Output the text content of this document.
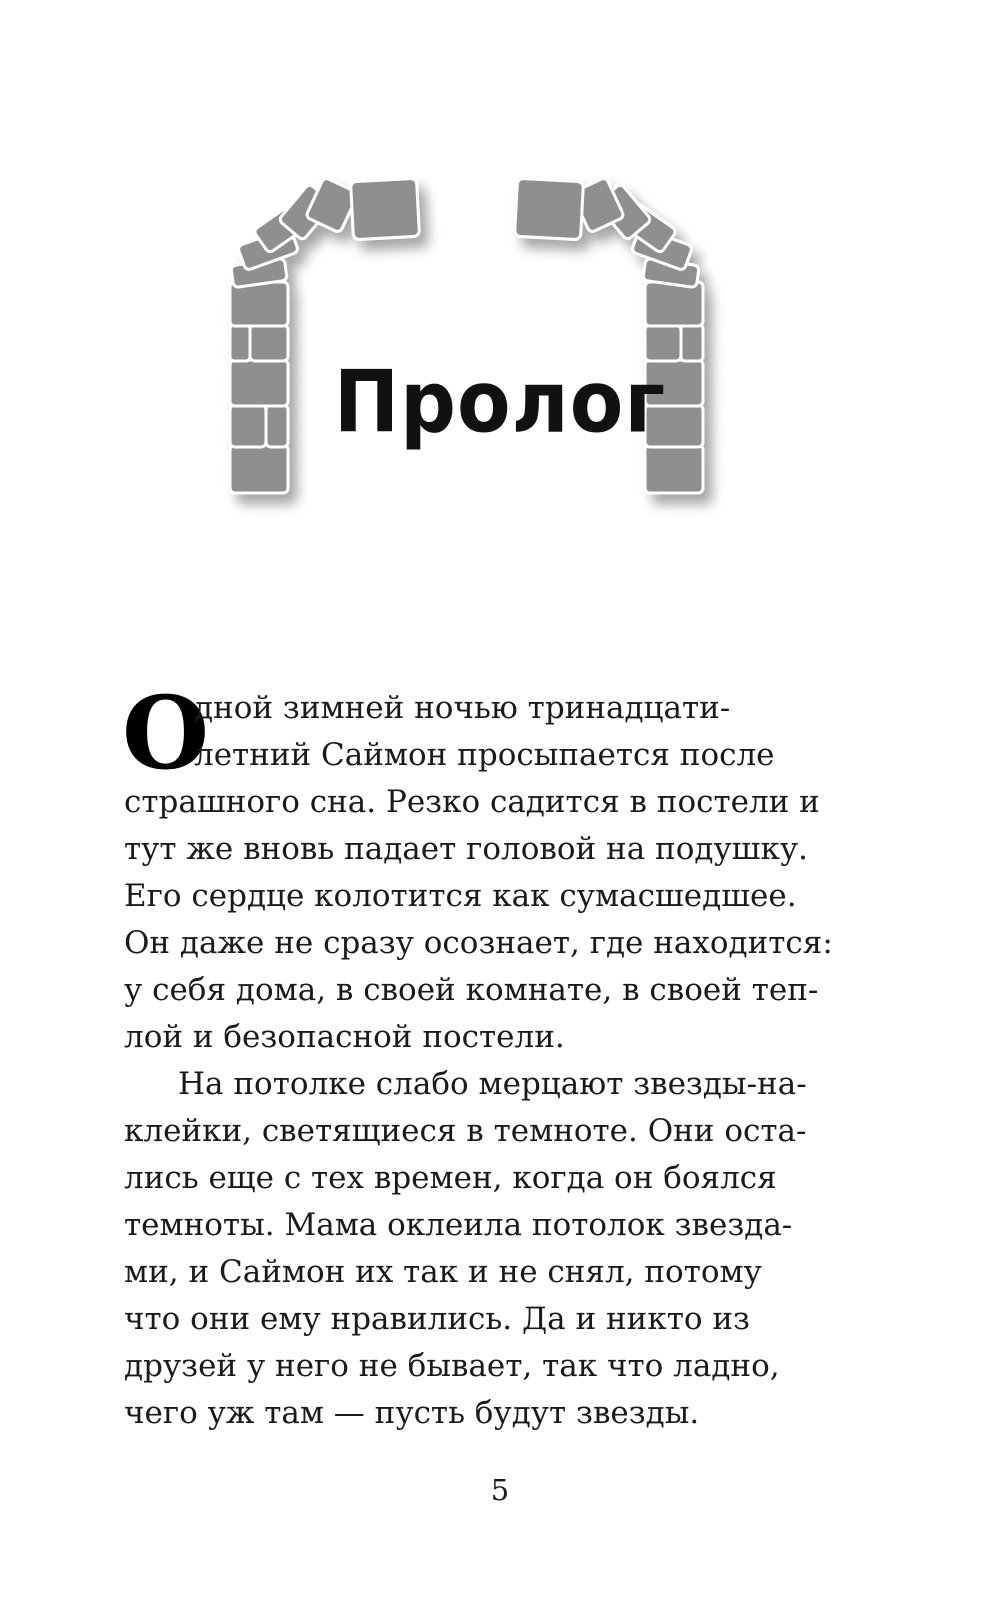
Пролог
О
дной зимней ночью тринадцати-
летний Саймон просыпается после
страшного сна. Резко садится в постели и
тут же вновь падает головой на подушку.
Его сердце колотится как сумасшедшее.
Он даже не сразу осознает, где находится:
у себя дома, в своей комнате, в своей теп-
лой и безопасной постели.
На потолке слабо мерцают звезды-на-
клейки, светящиеся в темноте. Они оста-
лись еще с тех времен, когда он боялся
темноты. Мама оклеила потолок звезда-
ми, и Саймон их так и не снял, потому
что они ему нравились. Да и никто из
друзей у него не бывает, так что ладно,
чего уж там — пусть будут звезды.
5
